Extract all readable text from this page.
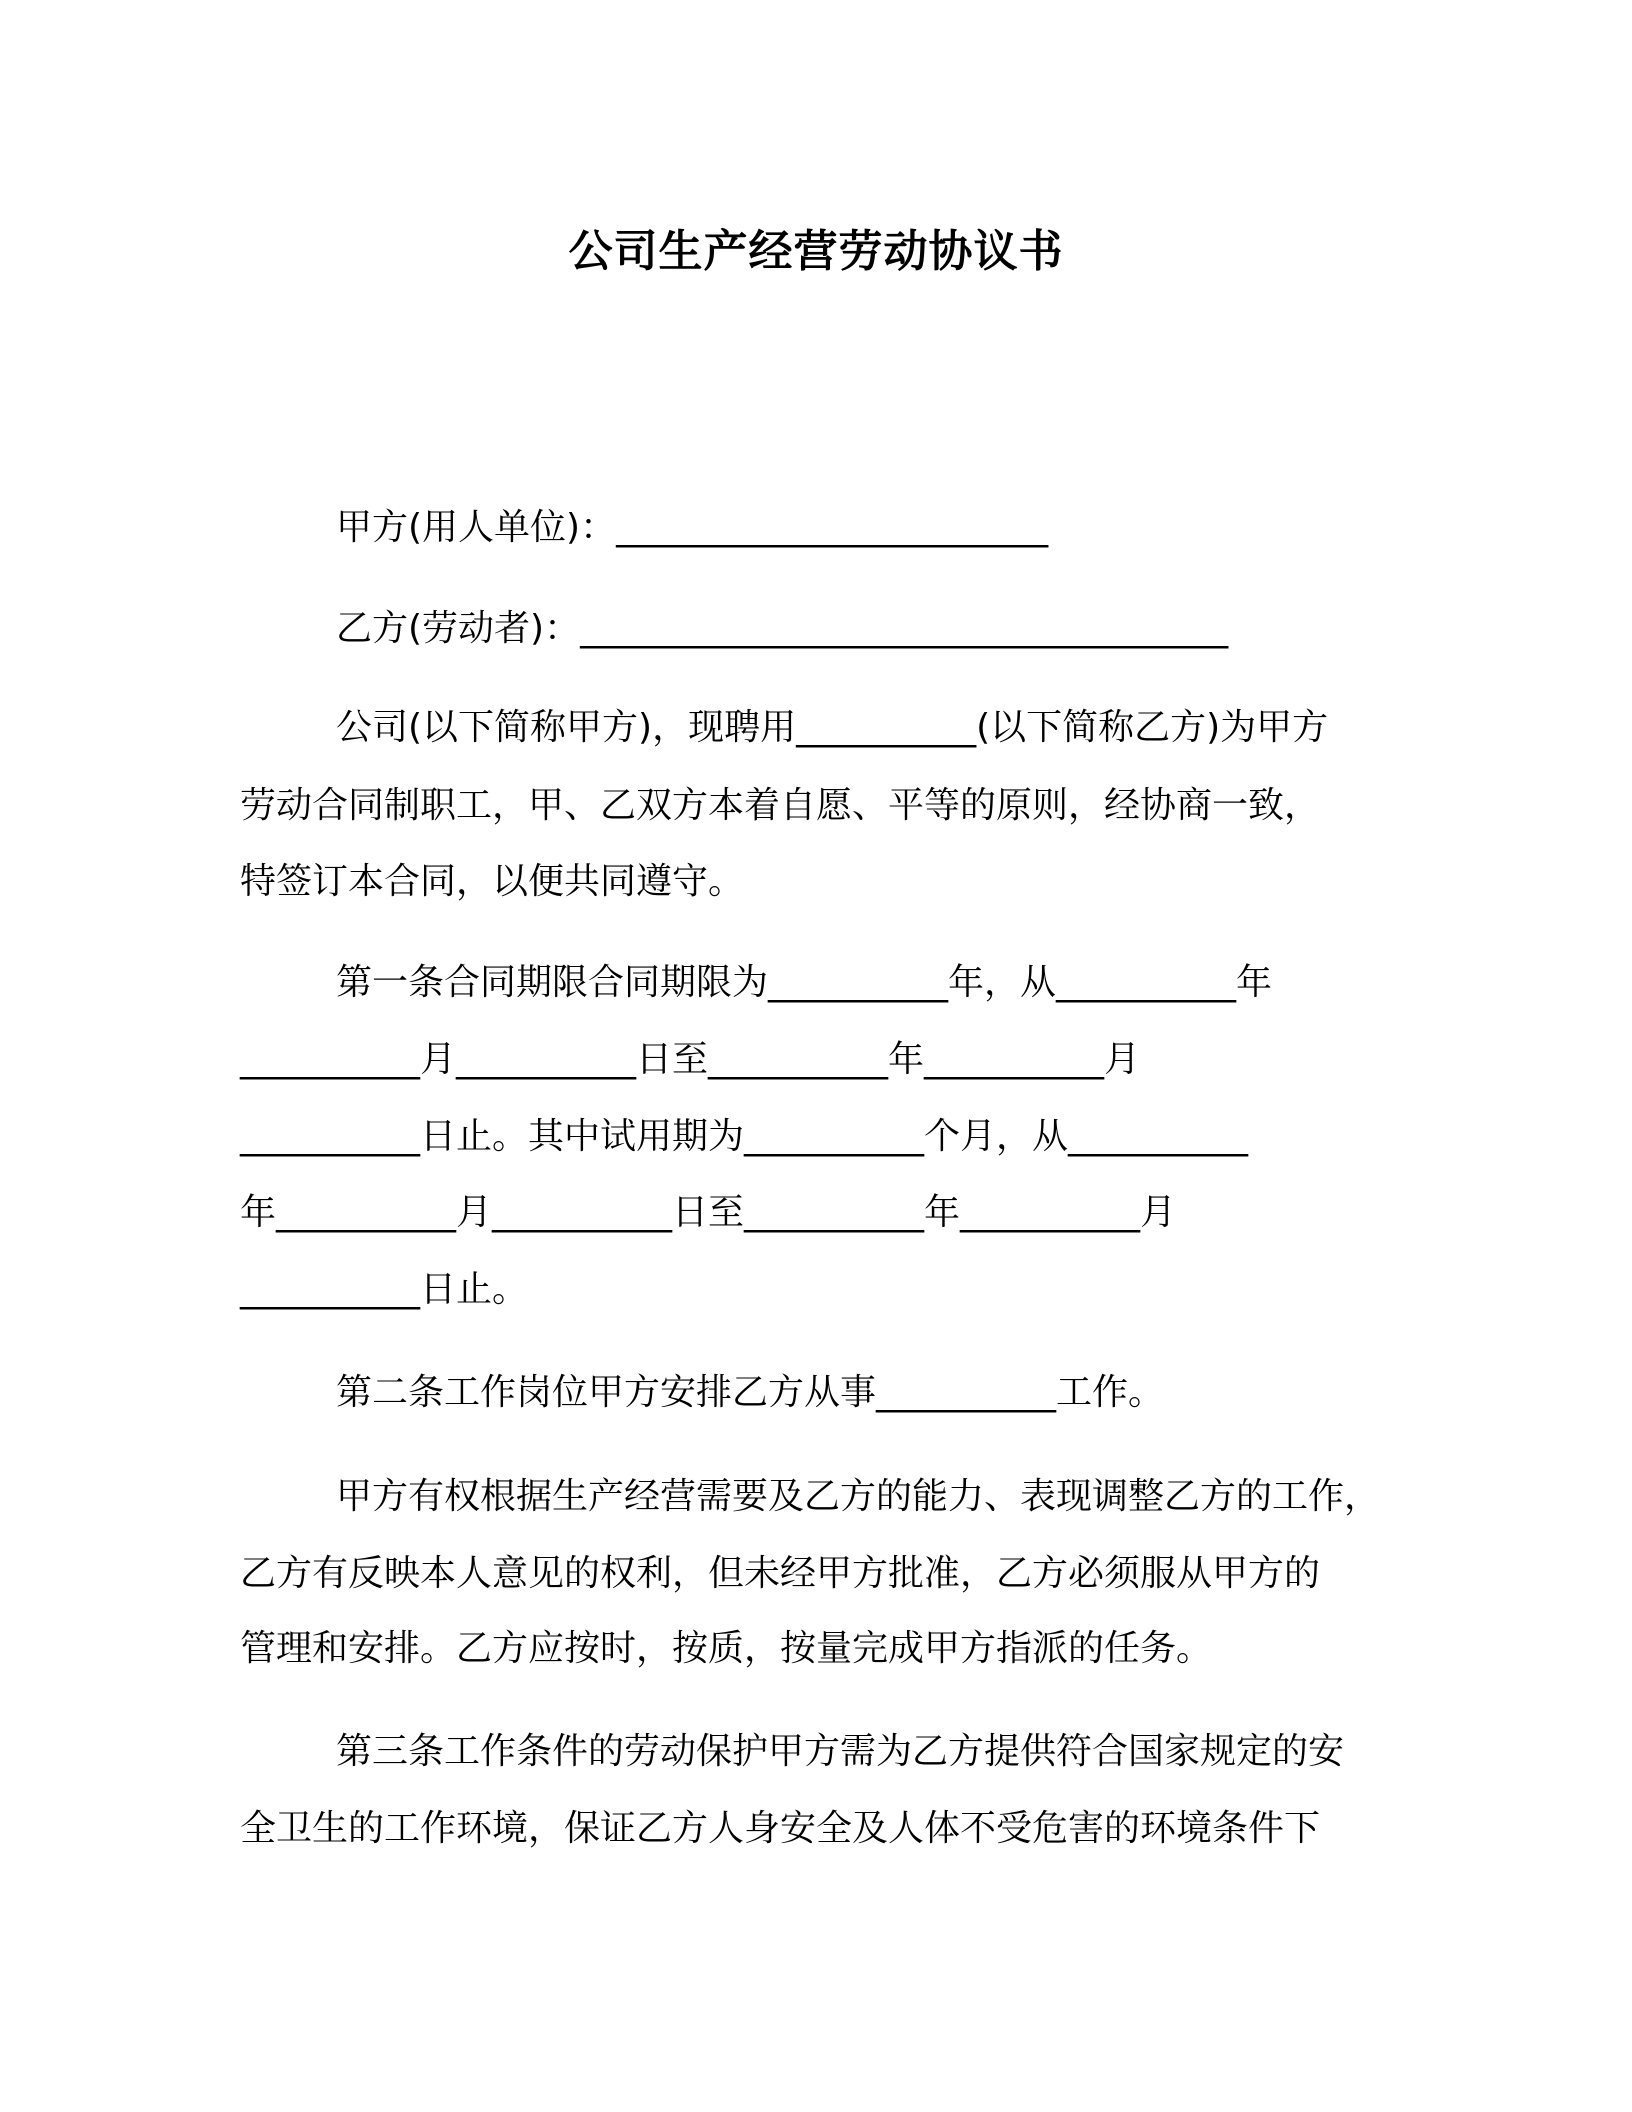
公司生产经营劳动协议书
甲方(用人单位)：________________________
乙方(劳动者)：____________________________________
公司(以下简称甲方)，现聘用__________(以下简称乙方)为甲方
劳动合同制职工，甲、乙双方本着自愿、平等的原则，经协商一致，
特签订本合同，以便共同遵守。
第一条合同期限合同期限为__________年，从__________年
__________月__________日至__________年__________月
__________日止。其中试用期为__________个月，从__________
年__________月__________日至__________年__________月
__________日止。
第二条工作岗位甲方安排乙方从事__________工作。
甲方有权根据生产经营需要及乙方的能力、表现调整乙方的工作，
乙方有反映本人意见的权利，但未经甲方批准，乙方必须服从甲方的
管理和安排。乙方应按时，按质，按量完成甲方指派的任务。
第三条工作条件的劳动保护甲方需为乙方提供符合国家规定的安
全卫生的工作环境，保证乙方人身安全及人体不受危害的环境条件下
